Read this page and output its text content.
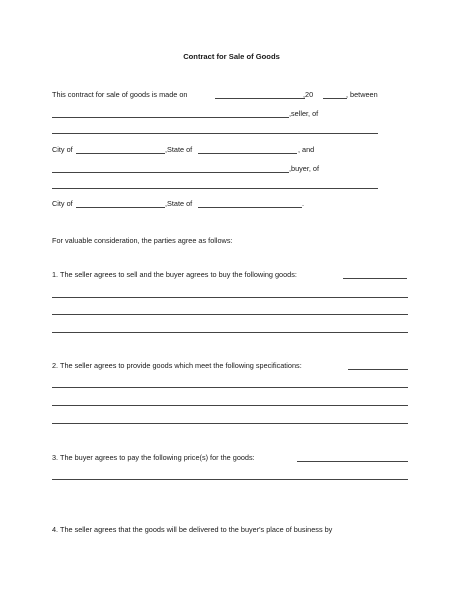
Contract for Sale of Goods
This contract for sale of goods is made on	,20	, between
,seller, of
City of	,State of	, and
,buyer, of
City of	,State of	.
For valuable consideration, the parties agree as follows:
1. The seller agrees to sell and the buyer agrees to buy the following goods:
2. The seller agrees to provide goods which meet the following specifications:
3. The buyer agrees to pay the following price(s) for the goods:
4. The seller agrees that the goods will be delivered to the buyer's place of business by
